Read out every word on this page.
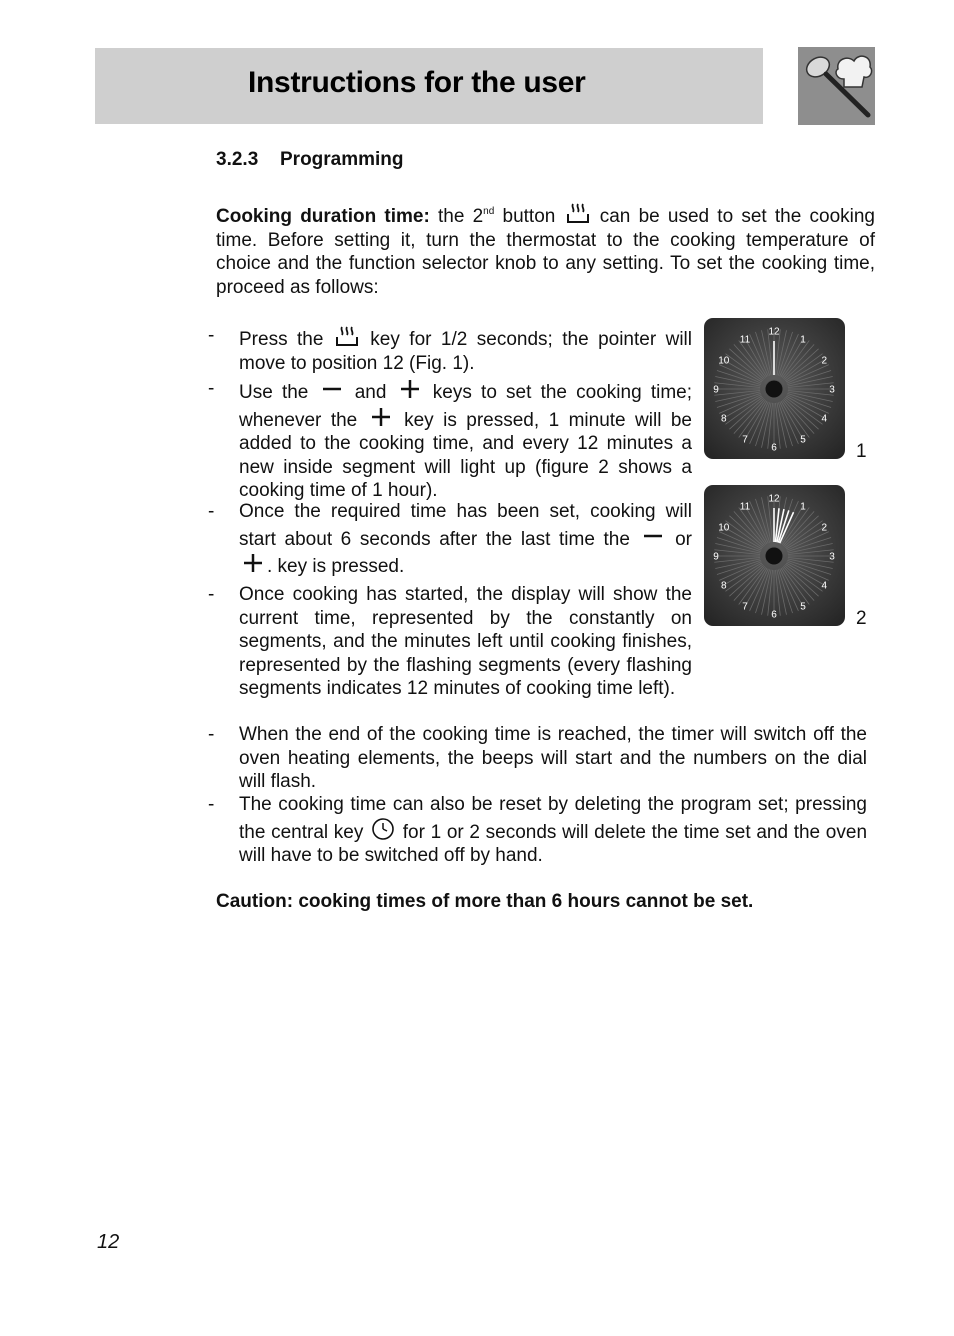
Instructions for the user
3.2.3 Programming
Cooking duration time: the 2nd button
can be used to set the cooking time. Before setting it, turn the thermostat to the cooking temperature of choice and the function selector knob to any setting. To set the cooking time, proceed as follows:
- Press the
key for 1/2 seconds; the pointer will move to position 12 (Fig. 1).
- Use the
and
keys to set the cooking time; whenever the
key is pressed, 1 minute will be added to the cooking time, and every 12 minutes a new inside segment will light up (figure 2 shows a cooking time of 1 hour).
- Once the required time has been set, cooking will start about 6 seconds after the last time the
or
. key is pressed.
- Once cooking has started, the display will show the current time, represented by the constantly on segments, and the minutes left until cooking finishes, represented by the flashing segments (every flashing segments indicates 12 minutes of cooking time left).
- When the end of the cooking time is reached, the timer will switch off the oven heating elements, the beeps will start and the numbers on the dial will flash.
- The cooking time can also be reset by deleting the program set; pressing the central key
for 1 or 2 seconds will delete the time set and the oven will have to be switched off by hand.
12
1
2
3
4
5
6
7
8
9
10
11
1
12
1
2
3
4
5
6
7
8
9
10
11
2
Caution: cooking times of more than 6 hours cannot be set.
12
